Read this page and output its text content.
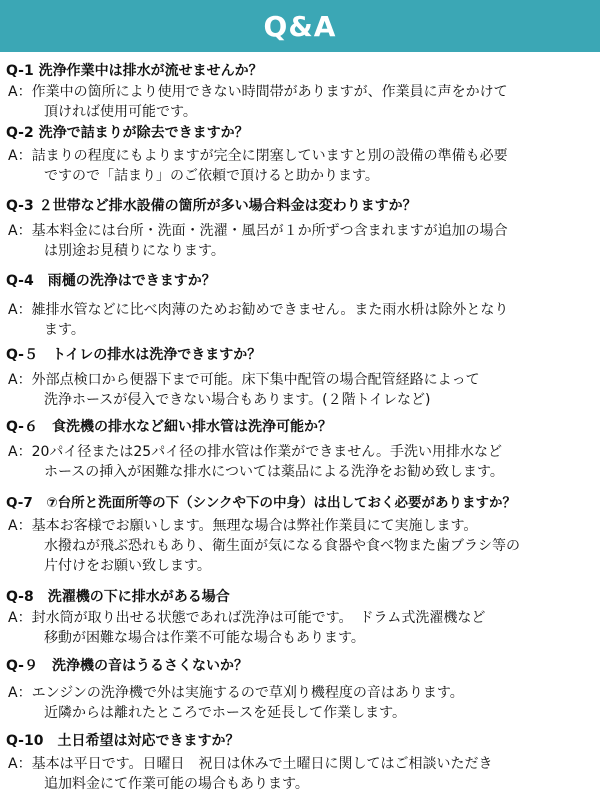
Q&A
Q-1 洗浄作業中は排水が流せませんか？
A：作業中の箇所により使用できない時間帯がありますが、作業員に声をかけて
頂ければ使用可能です。
Q-2 洗浄で詰まりが除去できますか？
A：詰まりの程度にもよりますが完全に閉塞していますと別の設備の準備も必要
ですので「詰まり」のご依頼で頂けると助かります。
Q-3 ２世帯など排水設備の箇所が多い場合料金は変わりますか？
A：基本料金には台所・洗面・洗濯・風呂が１か所ずつ含まれますが追加の場合
は別途お見積りになります。
Q-4　雨樋の洗浄はできますか？
A：雑排水管などに比べ肉薄のためお勧めできません。また雨水枡は除外となり
ます。
Q-５　トイレの排水は洗浄できますか？
A：外部点検口から便器下まで可能。床下集中配管の場合配管経路によって
洗浄ホースが侵入できない場合もあります。(２階トイレなど)
Q-６　食洗機の排水など細い排水管は洗浄可能か？
A：20パイ径または25パイ径の排水管は作業ができません。手洗い用排水など
ホースの挿入が困難な排水については薬品による洗浄をお勧め致します。
Q-7　⑦台所と洗面所等の下（シンクや下の中身）は出しておく必要がありますか？
A：基本お客様でお願いします。無理な場合は弊社作業員にて実施します。
水撥ねが飛ぶ恐れもあり、衛生面が気になる食器や食べ物また歯ブラシ等の
片付けをお願い致します。
Q-8　洗濯機の下に排水がある場合
A：封水筒が取り出せる状態であれば洗浄は可能です。　ドラム式洗濯機など
移動が困難な場合は作業不可能な場合もあります。
Q-９　洗浄機の音はうるさくないか？
A：エンジンの洗浄機で外は実施するので草刈り機程度の音はあります。
近隣からは離れたところでホースを延長して作業します。
Q-10　土日希望は対応できますか？
A：基本は平日です。日曜日　祝日は休みで土曜日に関してはご相談いただき
追加料金にて作業可能の場合もあります。
